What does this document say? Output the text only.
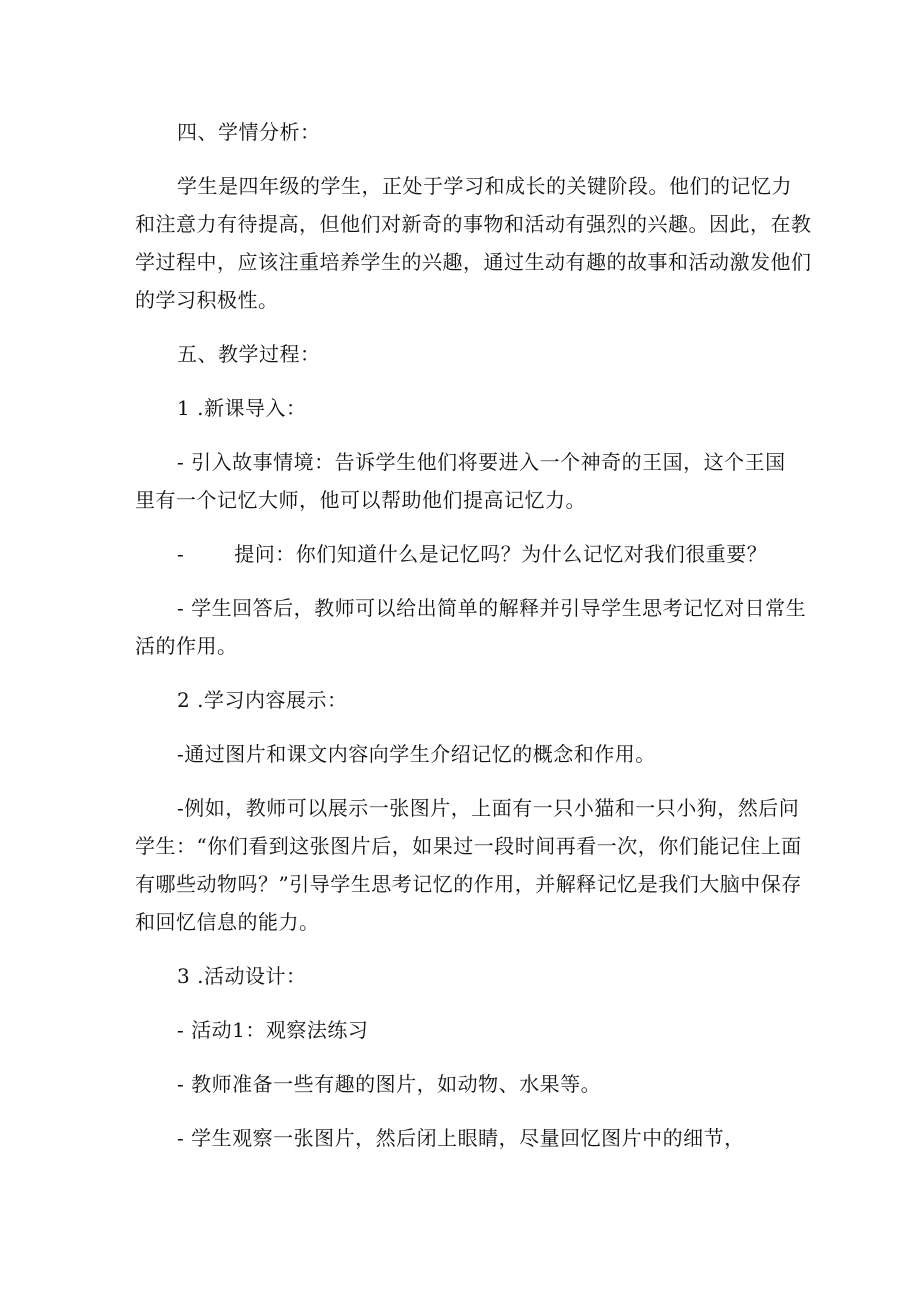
四、学情分析：
学生是四年级的学生，正处于学习和成长的关键阶段。他们的记忆力
和注意力有待提高，但他们对新奇的事物和活动有强烈的兴趣。因此，在教
学过程中，应该注重培养学生的兴趣，通过生动有趣的故事和活动激发他们
的学习积极性。
五、教学过程：
1 .新课导入：
- 引入故事情境：告诉学生他们将要进入一个神奇的王国，这个王国
里有一个记忆大师，他可以帮助他们提高记忆力。
-	提问：你们知道什么是记忆吗？为什么记忆对我们很重要？
- 学生回答后，教师可以给出简单的解释并引导学生思考记忆对日常生
活的作用。
2 .学习内容展示：
-通过图片和课文内容向学生介绍记忆的概念和作用。
-例如，教师可以展示一张图片，上面有一只小猫和一只小狗，然后问
学生：“你们看到这张图片后，如果过一段时间再看一次，你们能记住上面
有哪些动物吗？”引导学生思考记忆的作用，并解释记忆是我们大脑中保存
和回忆信息的能力。
3 .活动设计：
- 活动1：观察法练习
- 教师准备一些有趣的图片，如动物、水果等。
- 学生观察一张图片，然后闭上眼睛，尽量回忆图片中的细节，
